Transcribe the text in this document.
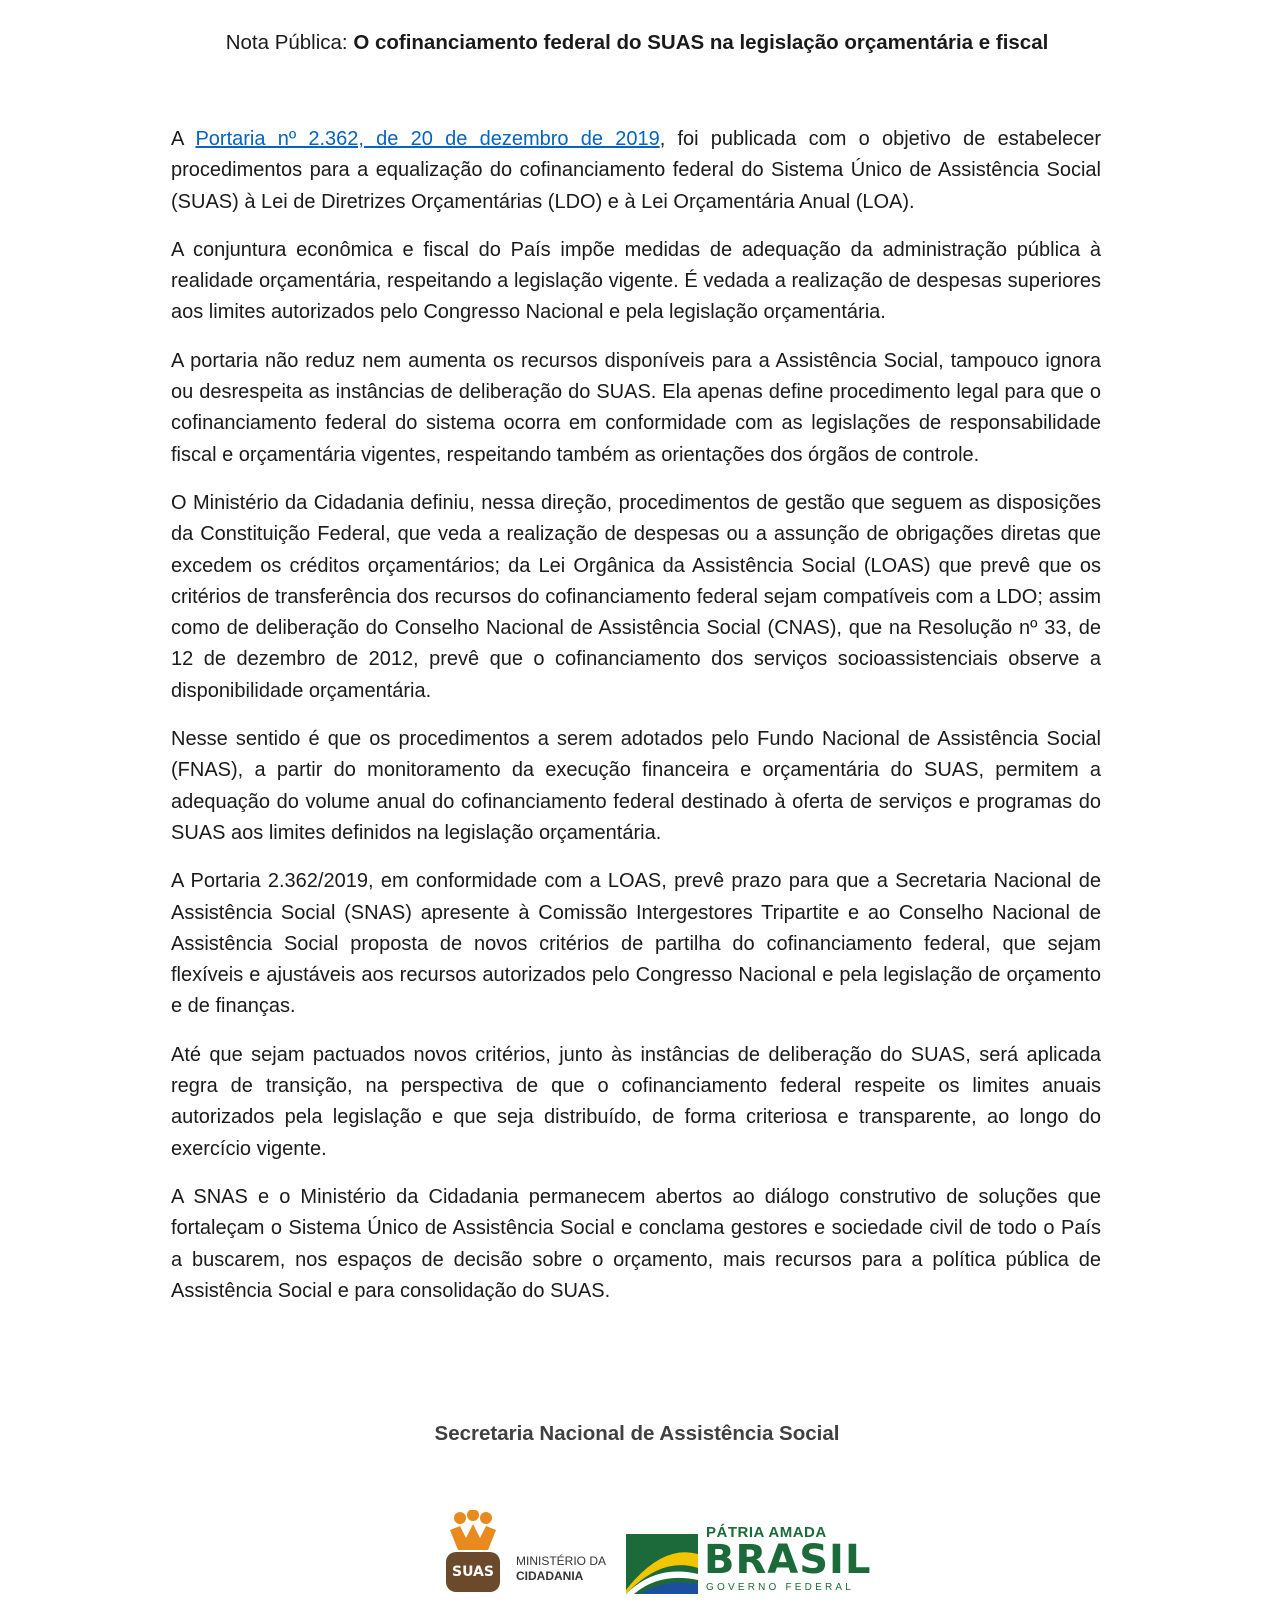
Nota Pública: O cofinanciamento federal do SUAS na legislação orçamentária e fiscal

A Portaria nº 2.362, de 20 de dezembro de 2019, foi publicada com o objetivo de estabelecer procedimentos para a equalização do cofinanciamento federal do Sistema Único de Assistência Social (SUAS) à Lei de Diretrizes Orçamentárias (LDO) e à Lei Orçamentária Anual (LOA).

A conjuntura econômica e fiscal do País impõe medidas de adequação da administração pública à realidade orçamentária, respeitando a legislação vigente. É vedada a realização de despesas superiores aos limites autorizados pelo Congresso Nacional e pela legislação orçamentária.

A portaria não reduz nem aumenta os recursos disponíveis para a Assistência Social, tampouco ignora ou desrespeita as instâncias de deliberação do SUAS. Ela apenas define procedimento legal para que o cofinanciamento federal do sistema ocorra em conformidade com as legislações de responsabilidade fiscal e orçamentária vigentes, respeitando também as orientações dos órgãos de controle.

O Ministério da Cidadania definiu, nessa direção, procedimentos de gestão que seguem as disposições da Constituição Federal, que veda a realização de despesas ou a assunção de obrigações diretas que excedem os créditos orçamentários; da Lei Orgânica da Assistência Social (LOAS) que prevê que os critérios de transferência dos recursos do cofinanciamento federal sejam compatíveis com a LDO; assim como de deliberação do Conselho Nacional de Assistência Social (CNAS), que na Resolução nº 33, de 12 de dezembro de 2012, prevê que o cofinanciamento dos serviços socioassistenciais observe a disponibilidade orçamentária.

Nesse sentido é que os procedimentos a serem adotados pelo Fundo Nacional de Assistência Social (FNAS), a partir do monitoramento da execução financeira e orçamentária do SUAS, permitem a adequação do volume anual do cofinanciamento federal destinado à oferta de serviços e programas do SUAS aos limites definidos na legislação orçamentária.

A Portaria 2.362/2019, em conformidade com a LOAS, prevê prazo para que a Secretaria Nacional de Assistência Social (SNAS) apresente à Comissão Intergestores Tripartite e ao Conselho Nacional de Assistência Social proposta de novos critérios de partilha do cofinanciamento federal, que sejam flexíveis e ajustáveis aos recursos autorizados pelo Congresso Nacional e pela legislação de orçamento e de finanças.

Até que sejam pactuados novos critérios, junto às instâncias de deliberação do SUAS, será aplicada regra de transição, na perspectiva de que o cofinanciamento federal respeite os limites anuais autorizados pela legislação e que seja distribuído, de forma criteriosa e transparente, ao longo do exercício vigente.

A SNAS e o Ministério da Cidadania permanecem abertos ao diálogo construtivo de soluções que fortaleçam o Sistema Único de Assistência Social e conclama gestores e sociedade civil de todo o País a buscarem, nos espaços de decisão sobre o orçamento, mais recursos para a política pública de Assistência Social e para consolidação do SUAS.

Secretaria Nacional de Assistência Social
SUAS
MINISTÉRIO DA
CIDADANIA
PÁTRIA AMADA
BRASIL
GOVERNO FEDERAL
